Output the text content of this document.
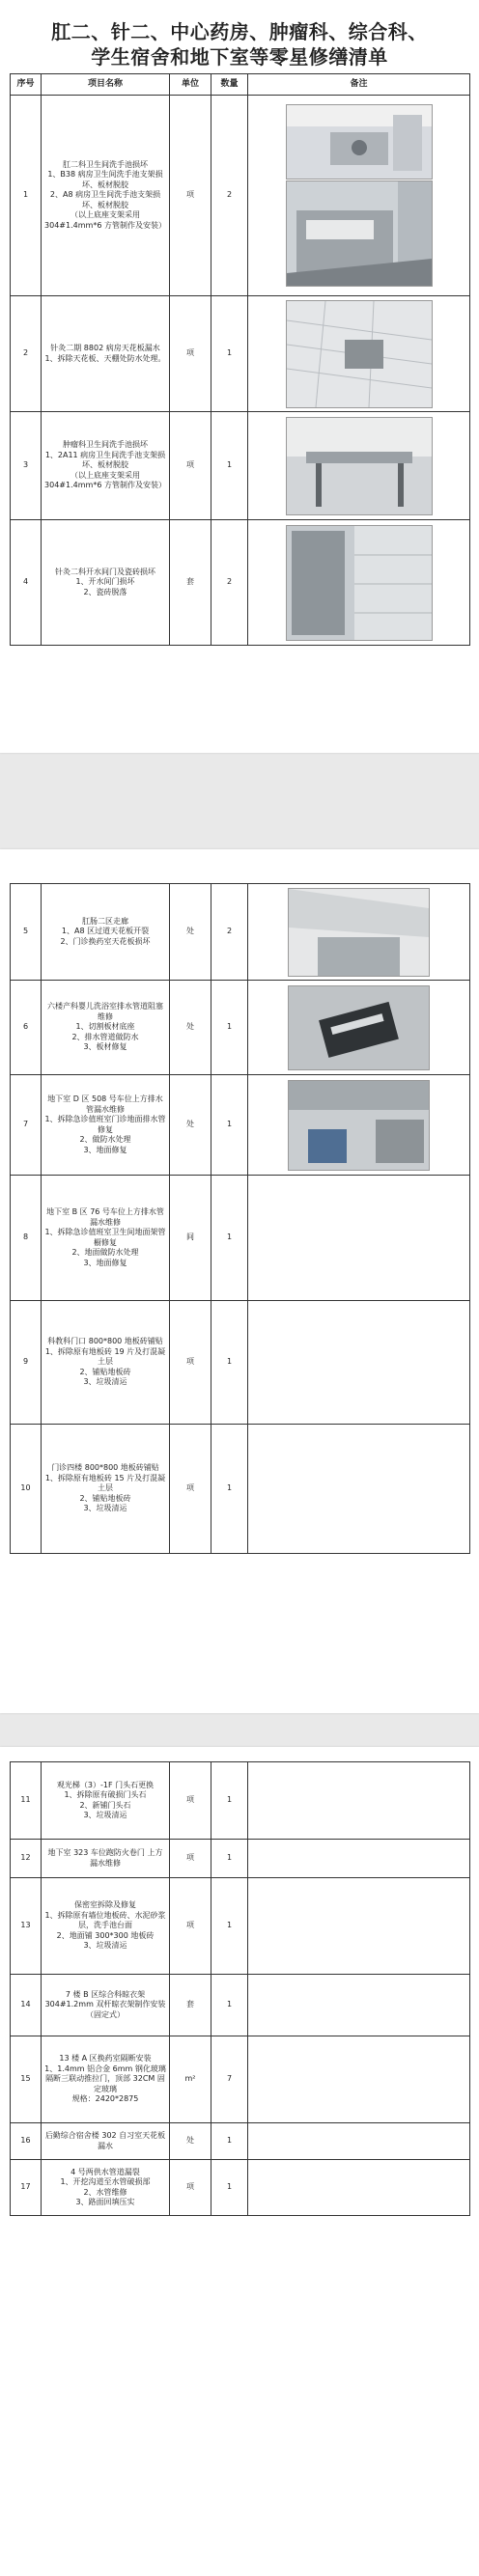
肛二、针二、中心药房、肿瘤科、综合科、
学生宿舍和地下室等零星修缮清单
序号	项目名称	单位	数量	备注
1	肛二科卫生间洗手池损坏
1、B38 病房卫生间洗手池支架损坏、板材脱胶
2、A8 病房卫生间洗手池支架损坏、板材脱胶
（以上底座支架采用304#1.4mm*6 方管制作及安装）	项	2	

2	针灸二期 8802 病房天花板漏水
1、拆除天花板、天棚处防水处理。	项	1	

3	肿瘤科卫生间洗手池损坏
1、2A11 病房卫生间洗手池支架损坏、板材脱胶
（以上底座支架采用304#1.4mm*6 方管制作及安装）	项	1	

4	针灸二科开水间门及瓷砖损坏
1、开水间门损坏
2、瓷砖脱落	套	2	
5	肛肠二区走廊
1、A8 区过道天花板开裂
2、门诊换药室天花板损坏	处	2	

6	六楼产科婴儿洗浴室排水管道阻塞维修
1、切割板材底座
2、排水管道做防水
3、板材修复	处	1	

7	地下室 D 区 508 号车位上方排水管漏水维修
1、拆除急诊值班室门诊地面排水管修复
2、做防水处理
3、地面修复	处	1	

8	地下室 B 区 76 号车位上方排水管漏水维修
1、拆除急诊值班室卫生间地面架管橱修复
2、地面做防水处理
3、地面修复	间	1	
9	科教科门口 800*800 地板砖铺贴
1、拆除原有地板砖 19 片及打混凝土层
2、铺贴地板砖
3、垃圾清运	项	1	
10	门诊四楼 800*800 地板砖铺贴
1、拆除原有地板砖 15 片及打混凝土层
2、铺贴地板砖
3、垃圾清运	项	1	
11	观光梯（3）-1F 门头石更换
1、拆除原有破损门头石
2、新铺门头石
3、垃圾清运	项	1	
12	地下室 323 车位跑防火卷门 上方漏水维修	项	1	
13	保密室拆除及修复
1、拆除原有墙位地板砖、水泥砂浆层，洗手池台面
2、地面铺 300*300 地板砖
3、垃圾清运	项	1	
14	7 楼 B 区综合科晾衣架
304#1.2mm 双杆晾衣架制作安装（固定式）	套	1	
15	13 楼 A 区换药室隔断安装
1、1.4mm 铝合金 6mm 钢化玻璃隔断三联动推拉门，顶部 32CM 固定玻璃
规格：2420*2875	m²	7	
16	后勤综合宿舍楼 302 自习室天花板漏水	处	1	
17	4 号两供水管道漏裂
1、开挖沟道至水管破损部
2、水管维修
3、路面回填压实	项	1	
